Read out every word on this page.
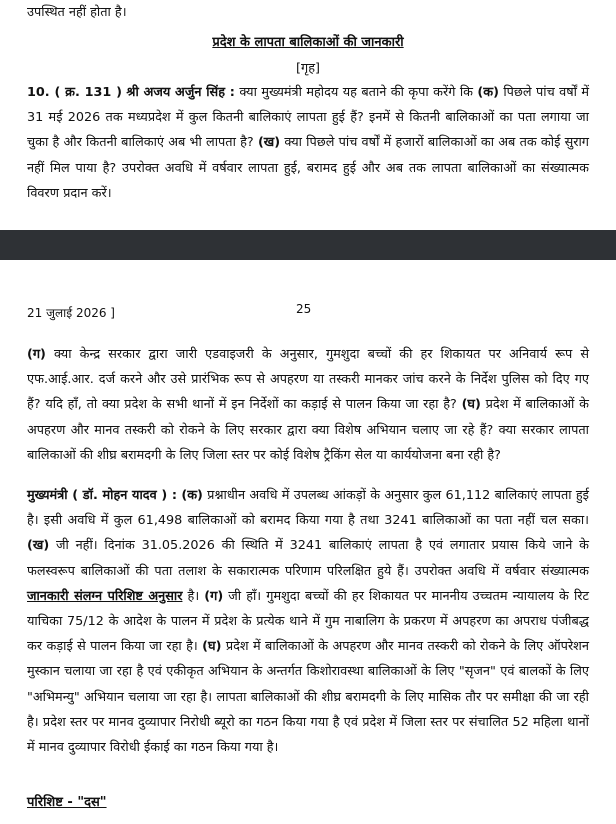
उपस्थित नहीं होता है।
प्रदेश के लापता बालिकाओं की जानकारी
[गृह]
10. ( क्र. 131 ) श्री अजय अर्जुन सिंह : क्या मुख्यमंत्री महोदय यह बताने की कृपा करेंगे कि (क) पिछले पांच वर्षों में 31 मई 2026 तक मध्यप्रदेश में कुल कितनी बालिकाएं लापता हुई हैं? इनमें से कितनी बालिकाओं का पता लगाया जा चुका है और कितनी बालिकाएं अब भी लापता है? (ख) क्या पिछले पांच वर्षों में हजारों बालिकाओं का अब तक कोई सुराग नहीं मिल पाया है? उपरोक्त अवधि में वर्षवार लापता हुई, बरामद हुई और अब तक लापता बालिकाओं का संख्यात्मक विवरण प्रदान करें।
21 जुलाई 2026 ]	25
(ग) क्या केन्द्र सरकार द्वारा जारी एडवाइजरी के अनुसार, गुमशुदा बच्चों की हर शिकायत पर अनिवार्य रूप से एफ.आई.आर. दर्ज करने और उसे प्रारंभिक रूप से अपहरण या तस्करी मानकर जांच करने के निर्देश पुलिस को दिए गए हैं? यदि हाँ, तो क्या प्रदेश के सभी थानों में इन निर्देशों का कड़ाई से पालन किया जा रहा है? (घ) प्रदेश में बालिकाओं के अपहरण और मानव तस्करी को रोकने के लिए सरकार द्वारा क्या विशेष अभियान चलाए जा रहे हैं? क्या सरकार लापता बालिकाओं की शीघ्र बरामदगी के लिए जिला स्तर पर कोई विशेष ट्रैकिंग सेल या कार्ययोजना बना रही है?
मुख्यमंत्री ( डॉ. मोहन यादव ) : (क) प्रश्नाधीन अवधि में उपलब्ध आंकड़ों के अनुसार कुल 61,112 बालिकाएं लापता हुई है। इसी अवधि में कुल 61,498 बालिकाओं को बरामद किया गया है तथा 3241 बालिकाओं का पता नहीं चल सका। (ख) जी नहीं। दिनांक 31.05.2026 की स्थिति में 3241 बालिकाएं लापता है एवं लगातार प्रयास किये जाने के फलस्वरूप बालिकाओं की पता तलाश के सकारात्मक परिणाम परिलक्षित हुये हैं। उपरोक्त अवधि में वर्षवार संख्यात्मक जानकारी संलग्न परिशिष्ट अनुसार है। (ग) जी हाँ। गुमशुदा बच्चों की हर शिकायत पर माननीय उच्चतम न्यायालय के रिट याचिका 75/12 के आदेश के पालन में प्रदेश के प्रत्येक थाने में गुम नाबालिग के प्रकरण में अपहरण का अपराध पंजीबद्ध कर कड़ाई से पालन किया जा रहा है। (घ) प्रदेश में बालिकाओं के अपहरण और मानव तस्करी को रोकने के लिए ऑपरेशन मुस्कान चलाया जा रहा है एवं एकीकृत अभियान के अन्तर्गत किशोरावस्था बालिकाओं के लिए "सृजन" एवं बालकों के लिए "अभिमन्यु" अभियान चलाया जा रहा है। लापता बालिकाओं की शीघ्र बरामदगी के लिए मासिक तौर पर समीक्षा की जा रही है। प्रदेश स्तर पर मानव दुव्यापार निरोधी ब्यूरो का गठन किया गया है एवं प्रदेश में जिला स्तर पर संचालित 52 महिला थानों में मानव दुव्यापार विरोधी ईकाई का गठन किया गया है।
परिशिष्ट - "दस"
